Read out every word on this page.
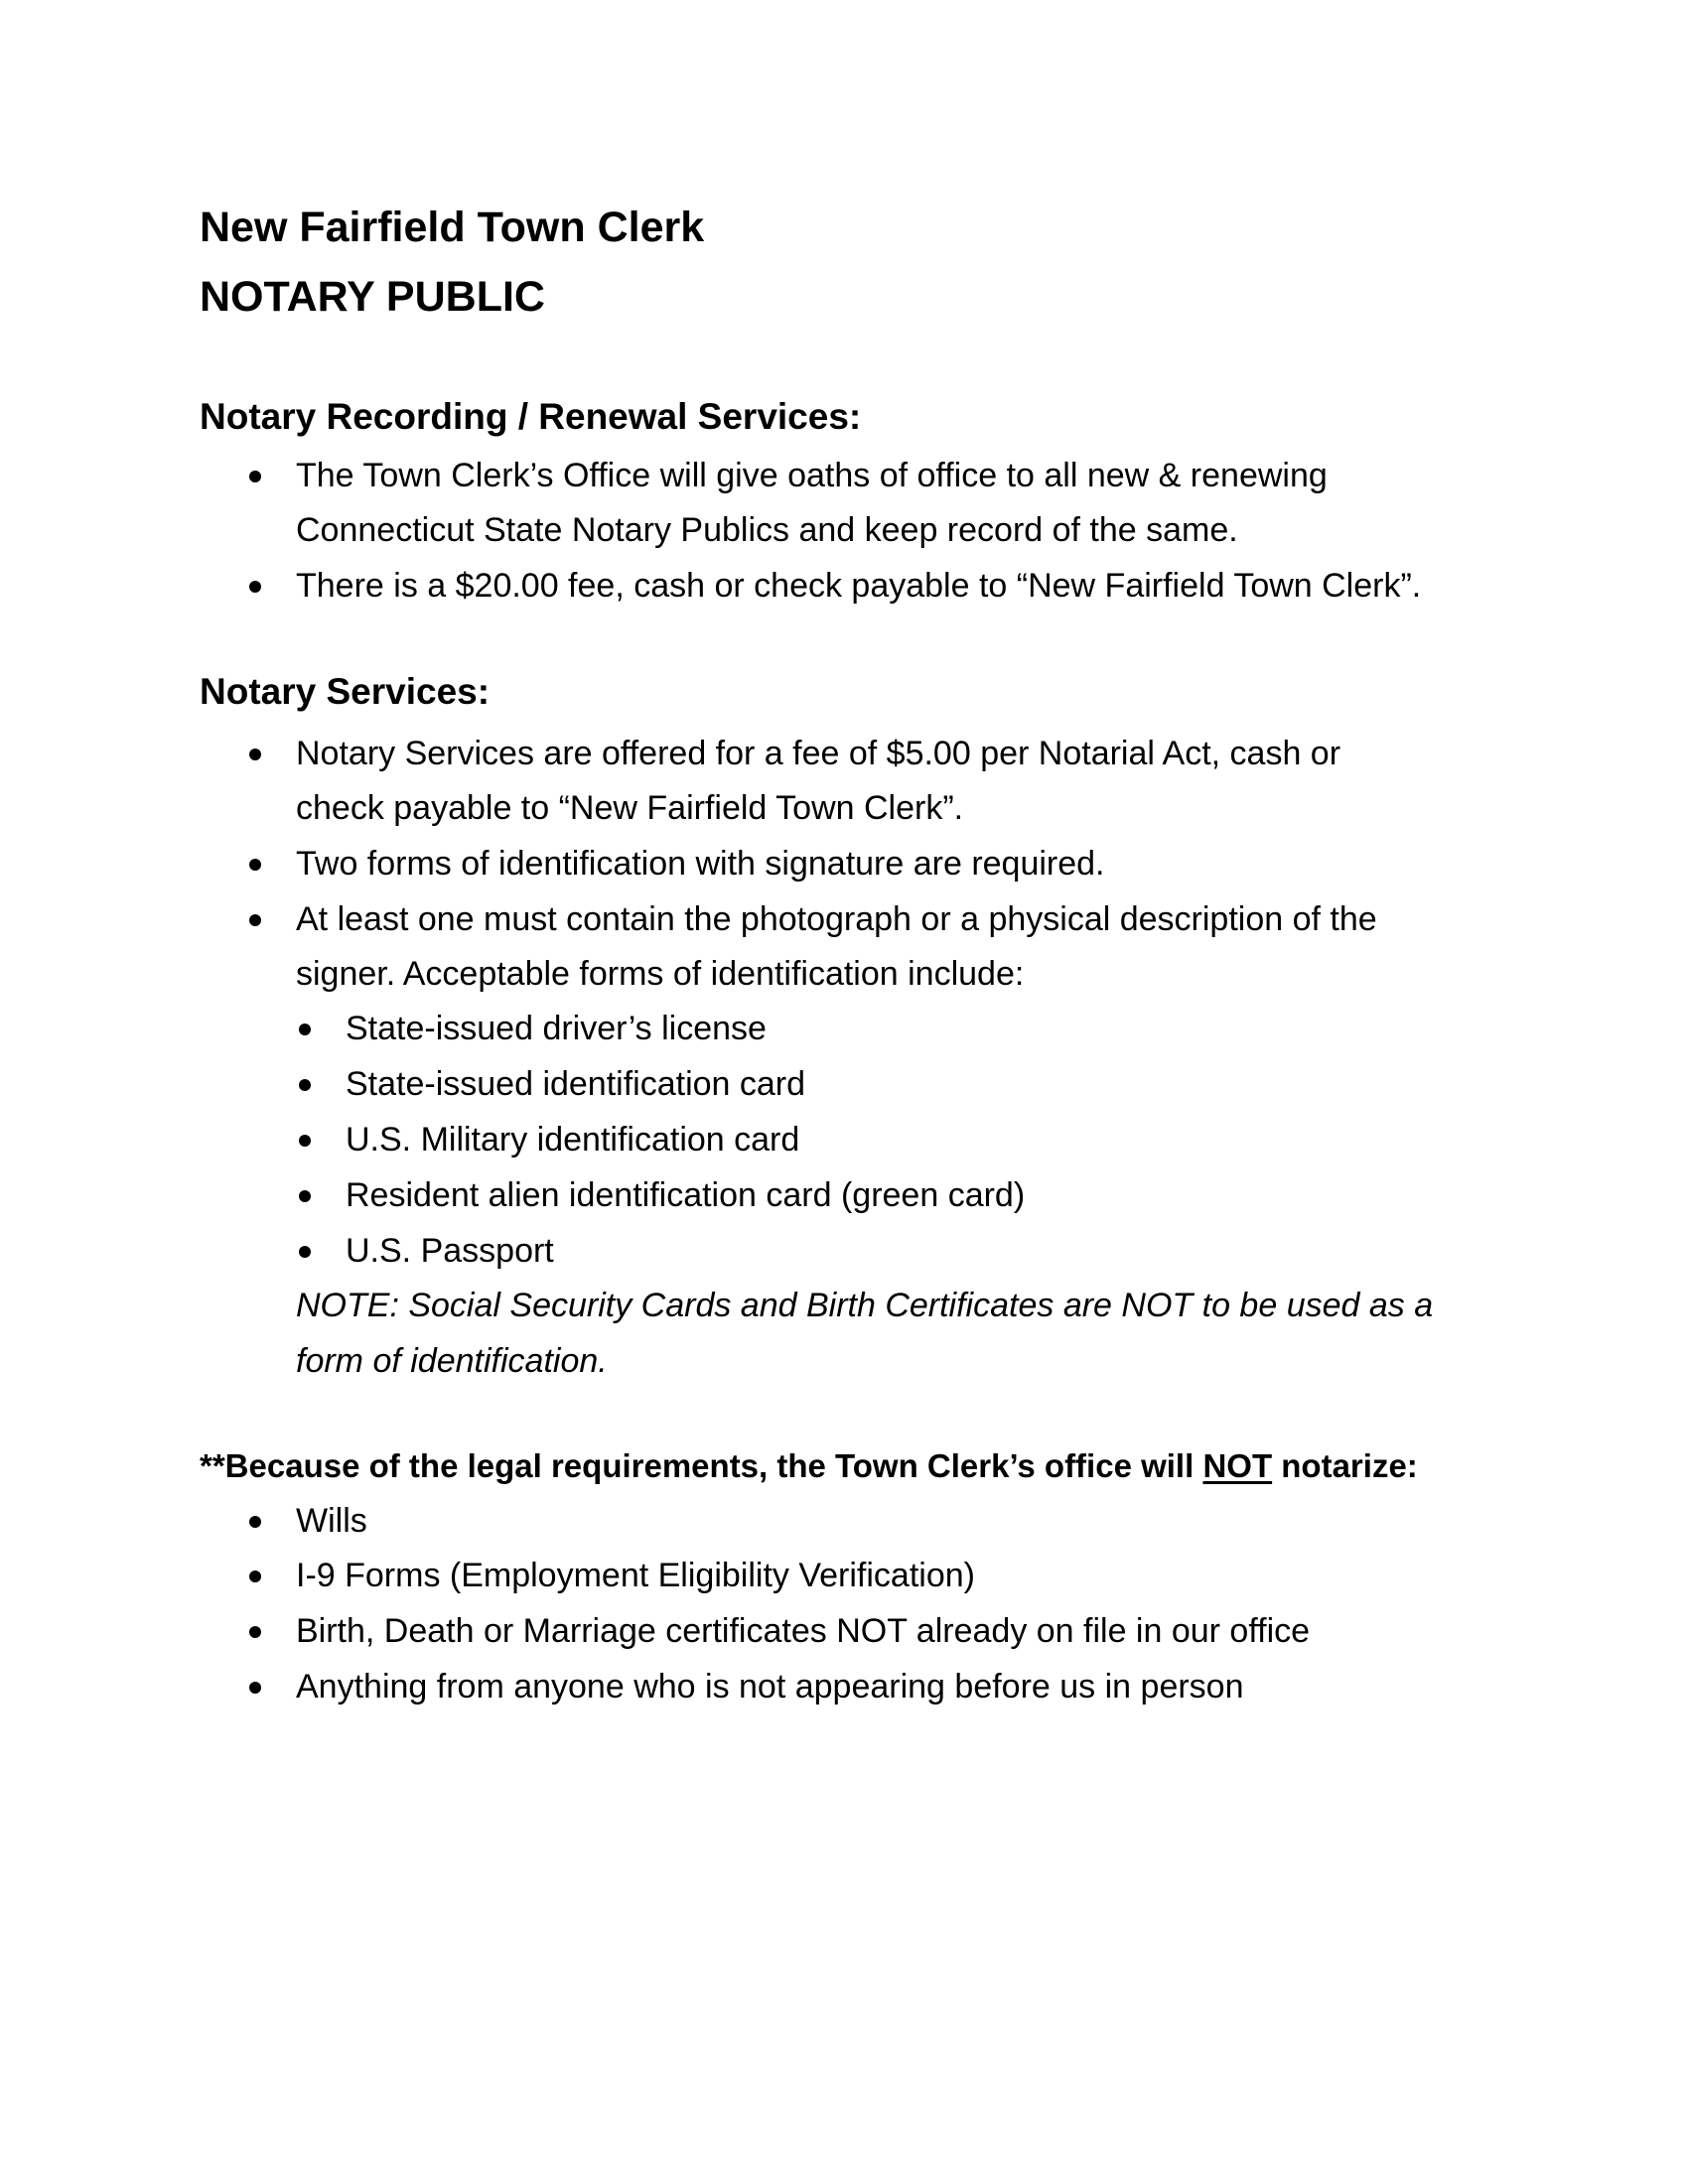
New Fairfield Town Clerk
NOTARY PUBLIC
Notary Recording / Renewal Services:
The Town Clerk’s Office will give oaths of office to all new & renewing
Connecticut State Notary Publics and keep record of the same.
There is a $20.00 fee, cash or check payable to “New Fairfield Town Clerk”.
Notary Services:
Notary Services are offered for a fee of $5.00 per Notarial Act, cash or
check payable to “New Fairfield Town Clerk”.
Two forms of identification with signature are required.
At least one must contain the photograph or a physical description of the
signer. Acceptable forms of identification include:
State-issued driver’s license
State-issued identification card
U.S. Military identification card
Resident alien identification card (green card)
U.S. Passport
NOTE: Social Security Cards and Birth Certificates are NOT to be used as a
form of identification.
**Because of the legal requirements, the Town Clerk’s office will NOT notarize:
Wills
I-9 Forms (Employment Eligibility Verification)
Birth, Death or Marriage certificates NOT already on file in our office
Anything from anyone who is not appearing before us in person
